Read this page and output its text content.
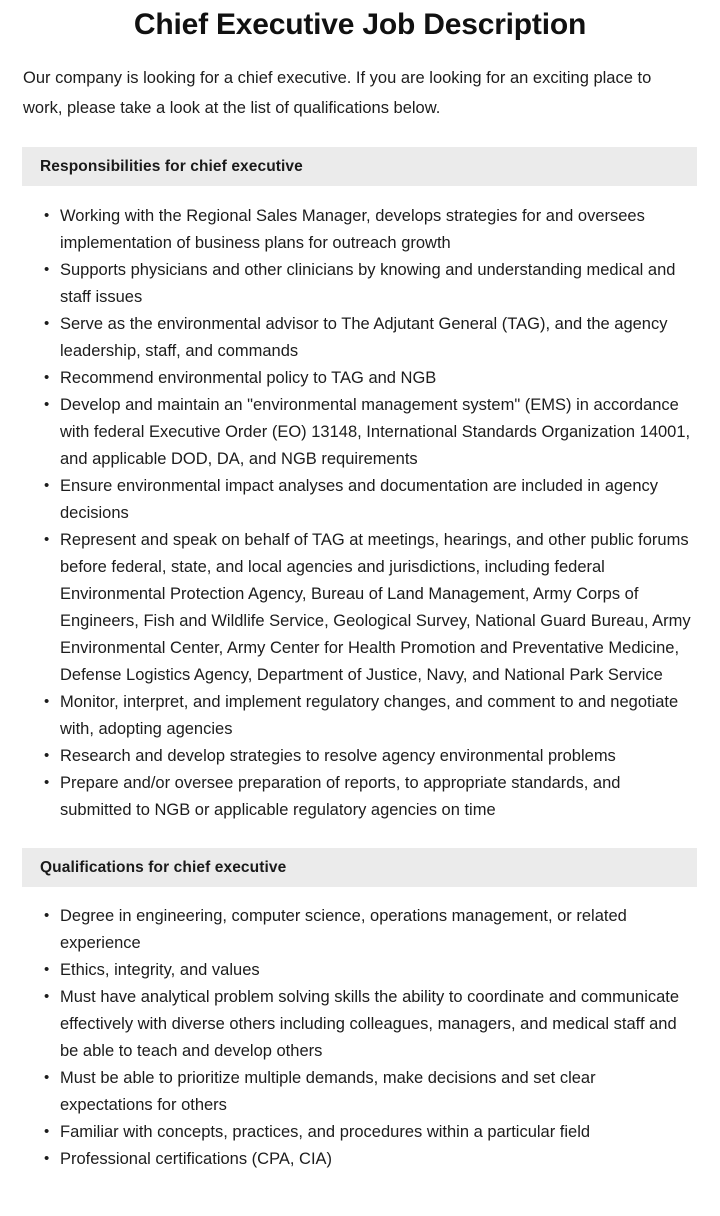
Chief Executive Job Description

Our company is looking for a chief executive. If you are looking for an exciting place to work, please take a look at the list of qualifications below.

Responsibilities for chief executive
• Working with the Regional Sales Manager, develops strategies for and oversees implementation of business plans for outreach growth
• Supports physicians and other clinicians by knowing and understanding medical and staff issues
• Serve as the environmental advisor to The Adjutant General (TAG), and the agency leadership, staff, and commands
• Recommend environmental policy to TAG and NGB
• Develop and maintain an "environmental management system" (EMS) in accordance with federal Executive Order (EO) 13148, International Standards Organization 14001, and applicable DOD, DA, and NGB requirements
• Ensure environmental impact analyses and documentation are included in agency decisions
• Represent and speak on behalf of TAG at meetings, hearings, and other public forums before federal, state, and local agencies and jurisdictions, including federal Environmental Protection Agency, Bureau of Land Management, Army Corps of Engineers, Fish and Wildlife Service, Geological Survey, National Guard Bureau, Army Environmental Center, Army Center for Health Promotion and Preventative Medicine, Defense Logistics Agency, Department of Justice, Navy, and National Park Service
• Monitor, interpret, and implement regulatory changes, and comment to and negotiate with, adopting agencies
• Research and develop strategies to resolve agency environmental problems
• Prepare and/or oversee preparation of reports, to appropriate standards, and submitted to NGB or applicable regulatory agencies on time
Qualifications for chief executive
• Degree in engineering, computer science, operations management, or related experience
• Ethics, integrity, and values
• Must have analytical problem solving skills the ability to coordinate and communicate effectively with diverse others including colleagues, managers, and medical staff and be able to teach and develop others
• Must be able to prioritize multiple demands, make decisions and set clear expectations for others
• Familiar with concepts, practices, and procedures within a particular field
• Professional certifications (CPA, CIA)
